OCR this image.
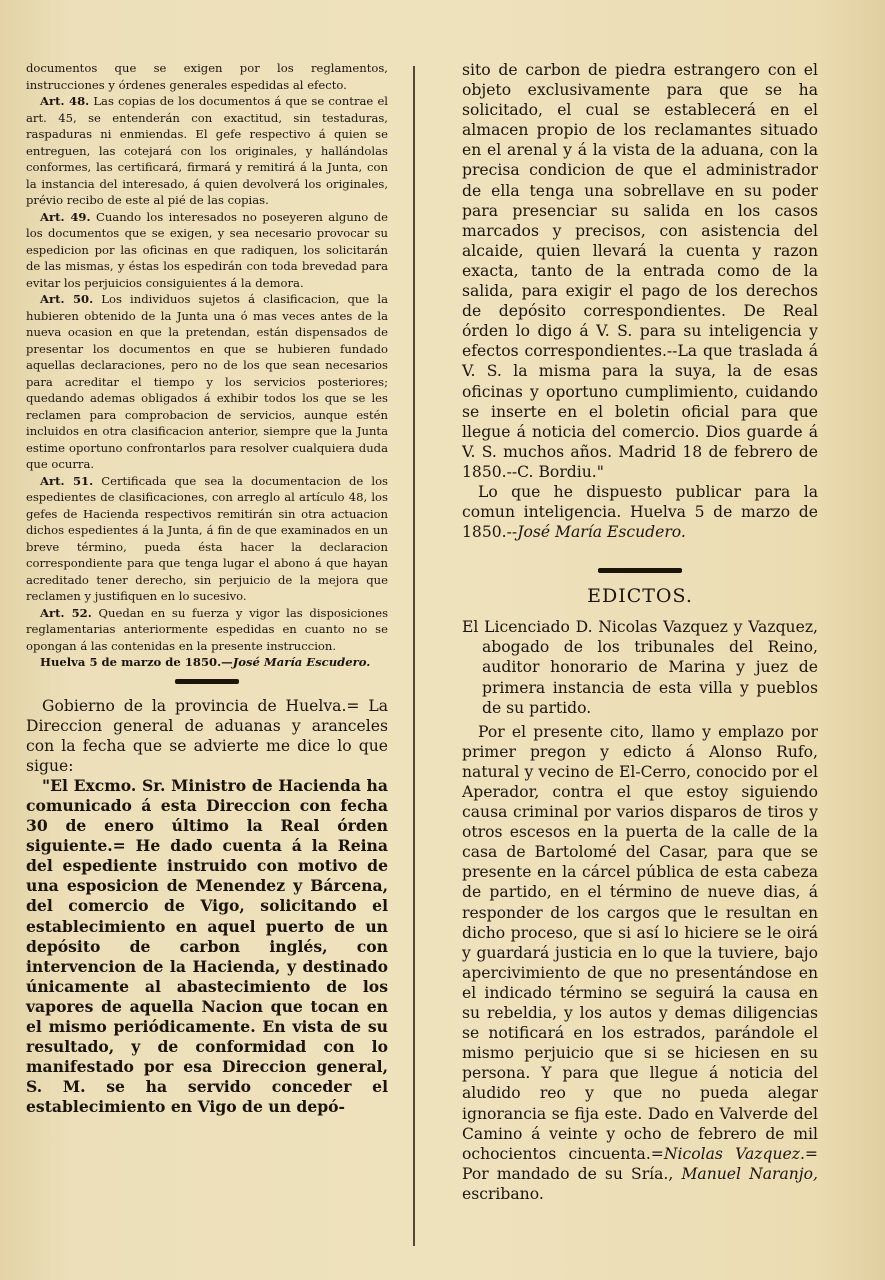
documentos que se exigen por los reglamentos, instrucciones y órdenes generales espedidas al efecto.

Art. 48. Las copias de los documentos á que se contrae el art. 45, se entenderán con exactitud, sin testaduras, raspaduras ni enmiendas. El gefe respectivo á quien se entreguen, las cotejará con los originales, y hallándolas conformes, las certificará, firmará y remitirá á la Junta, con la instancia del interesado, á quien devolverá los originales, prévio recibo de este al pié de las copias.

Art. 49. Cuando los interesados no poseyeren alguno de los documentos que se exigen, y sea necesario provocar su espedicion por las oficinas en que radiquen, los solicitarán de las mismas, y éstas los espedirán con toda brevedad para evitar los perjuicios consiguientes á la demora.

Art. 50. Los individuos sujetos á clasificacion, que la hubieren obtenido de la Junta una ó mas veces antes de la nueva ocasion en que la pretendan, están dispensados de presentar los documentos en que se hubieren fundado aquellas declaraciones, pero no de los que sean necesarios para acreditar el tiempo y los servicios posteriores; quedando ademas obligados á exhibir todos los que se les reclamen para comprobacion de servicios, aunque estén incluidos en otra clasificacion anterior, siempre que la Junta estime oportuno confrontarlos para resolver cualquiera duda que ocurra.

Art. 51. Certificada que sea la documentacion de los espedientes de clasificaciones, con arreglo al artículo 48, los gefes de Hacienda respectivos remitirán sin otra actuacion dichos espedientes á la Junta, á fin de que examinados en un breve término, pueda ésta hacer la declaracion correspondiente para que tenga lugar el abono á que hayan acreditado tener derecho, sin perjuicio de la mejora que reclamen y justifiquen en lo sucesivo.

Art. 52. Quedan en su fuerza y vigor las disposiciones reglamentarias anteriormente espedidas en cuanto no se opongan á las contenidas en la presente instruccion.

Huelva 5 de marzo de 1850.—José María Escudero.

Gobierno de la provincia de Huelva.= La Direccion general de aduanas y aranceles con la fecha que se advierte me dice lo que sigue:

"El Excmo. Sr. Ministro de Hacienda ha comunicado á esta Direccion con fecha 30 de enero último la Real órden siguiente.= He dado cuenta á la Reina del espediente instruido con motivo de una esposicion de Menendez y Bárcena, del comercio de Vigo, solicitando el establecimiento en aquel puerto de un depósito de carbon inglés, con intervencion de la Hacienda, y destinado únicamente al abastecimiento de los vapores de aquella Nacion que tocan en el mismo periódicamente. En vista de su resultado, y de conformidad con lo manifestado por esa Direccion general, S. M. se ha servido conceder el establecimiento en Vigo de un depó-

sito de carbon de piedra estrangero con el objeto exclusivamente para que se ha solicitado, el cual se establecerá en el almacen propio de los reclamantes situado en el arenal y á la vista de la aduana, con la precisa condicion de que el administrador de ella tenga una sobrellave en su poder para presenciar su salida en los casos marcados y precisos, con asistencia del alcaide, quien llevará la cuenta y razon exacta, tanto de la entrada como de la salida, para exigir el pago de los derechos de depósito correspondientes. De Real órden lo digo á V. S. para su inteligencia y efectos correspondientes.--La que traslada á V. S. la misma para la suya, la de esas oficinas y oportuno cumplimiento, cuidando se inserte en el boletin oficial para que llegue á noticia del comercio. Dios guarde á V. S. muchos años. Madrid 18 de febrero de 1850.--C. Bordiu."

Lo que he dispuesto publicar para la comun inteligencia. Huelva 5 de marzo de 1850.--José María Escudero.

EDICTOS.

El Licenciado D. Nicolas Vazquez y Vazquez, abogado de los tribunales del Reino, auditor honorario de Marina y juez de primera instancia de esta villa y pueblos de su partido.

Por el presente cito, llamo y emplazo por primer pregon y edicto á Alonso Rufo, natural y vecino de El-Cerro, conocido por el Aperador, contra el que estoy siguiendo causa criminal por varios disparos de tiros y otros escesos en la puerta de la calle de la casa de Bartolomé del Casar, para que se presente en la cárcel pública de esta cabeza de partido, en el término de nueve dias, á responder de los cargos que le resultan en dicho proceso, que si así lo hiciere se le oirá y guardará justicia en lo que la tuviere, bajo apercivimiento de que no presentándose en el indicado término se seguirá la causa en su rebeldia, y los autos y demas diligencias se notificará en los estrados, parándole el mismo perjuicio que si se hiciesen en su persona. Y para que llegue á noticia del aludido reo y que no pueda alegar ignorancia se fija este. Dado en Valverde del Camino á veinte y ocho de febrero de mil ochocientos cincuenta.=Nicolas Vazquez.= Por mandado de su Sría., Manuel Naranjo, escribano.
